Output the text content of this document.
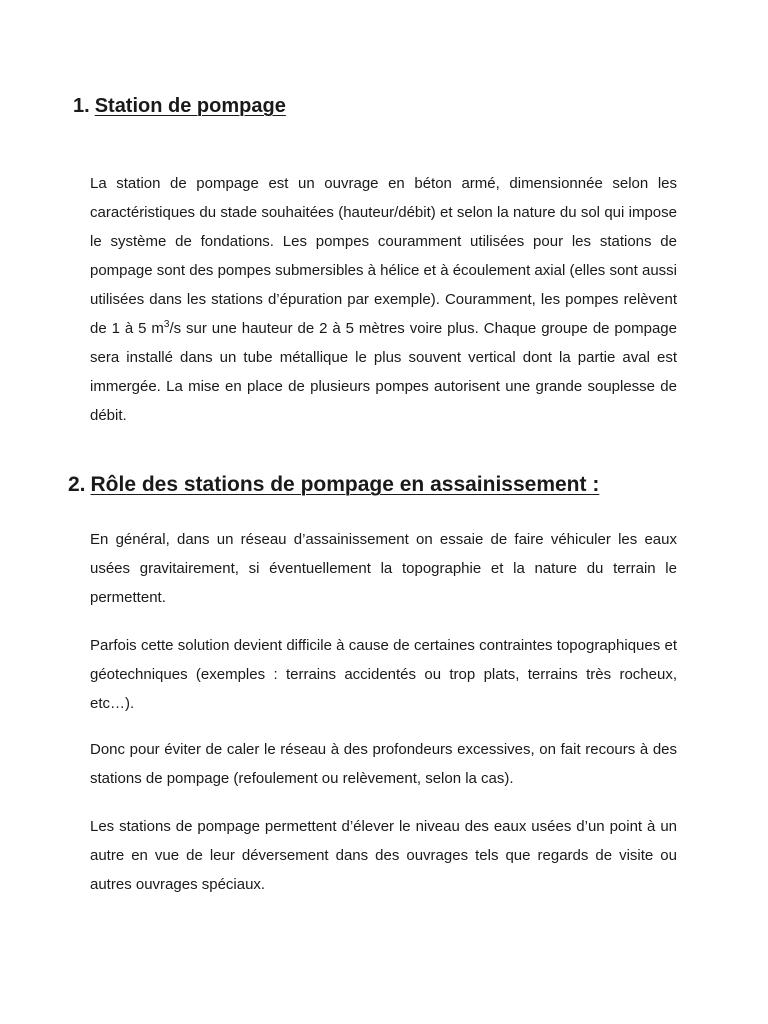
1. Station de pompage

La station de pompage est un ouvrage en béton armé, dimensionnée selon les caractéristiques du stade souhaitées (hauteur/débit) et selon la nature du sol qui impose le système de fondations. Les pompes couramment utilisées pour les stations de pompage sont des pompes submersibles à hélice et à écoulement axial (elles sont aussi utilisées dans les stations d’épuration par exemple). Couramment, les pompes relèvent de 1 à 5 $m^3/s$ sur une hauteur de 2 à 5 mètres voire plus. Chaque groupe de pompage sera installé dans un tube métallique le plus souvent vertical dont la partie aval est immergée. La mise en place de plusieurs pompes autorisent une grande souplesse de débit.

2. Rôle des stations de pompage en assainissement :

En général, dans un réseau d’assainissement on essaie de faire véhiculer les eaux usées gravitairement, si éventuellement la topographie et la nature du terrain le permettent.

Parfois cette solution devient difficile à cause de certaines contraintes topographiques et géotechniques (exemples : terrains accidentés ou trop plats, terrains très rocheux, etc…).

Donc pour éviter de caler le réseau à des profondeurs excessives, on fait recours à des stations de pompage (refoulement ou relèvement, selon la cas).

Les stations de pompage permettent d’élever le niveau des eaux usées d’un point à un autre en vue de leur déversement dans des ouvrages tels que regards de visite ou autres ouvrages spéciaux.
